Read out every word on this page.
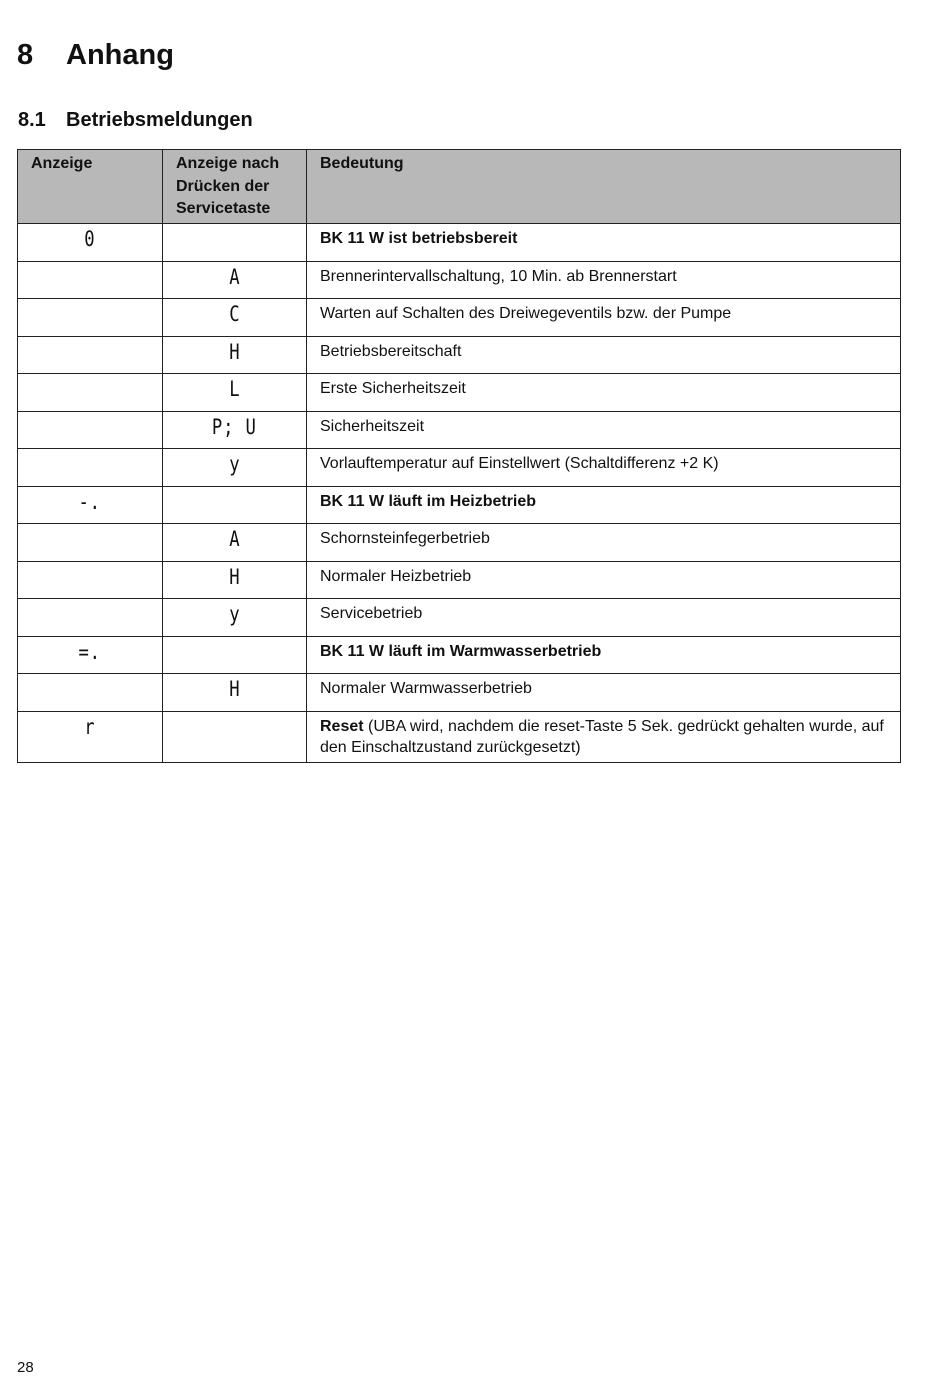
8 Anhang
8.1 Betriebsmeldungen
Anzeige	Anzeige nach Drücken der Servicetaste	Bedeutung
0		BK 11 W ist betriebsbereit
	A	Brennerintervallschaltung, 10 Min. ab Brennerstart
	C	Warten auf Schalten des Dreiwegeventils bzw. der Pumpe
	H	Betriebsbereitschaft
	L	Erste Sicherheitszeit
	P; U	Sicherheitszeit
	y	Vorlauftemperatur auf Einstellwert (Schaltdifferenz +2 K)
-.		BK 11 W läuft im Heizbetrieb
	A	Schornsteinfegerbetrieb
	H	Normaler Heizbetrieb
	y	Servicebetrieb
=.		BK 11 W läuft im Warmwasserbetrieb
	H	Normaler Warmwasserbetrieb
r		Reset (UBA wird, nachdem die reset-Taste 5 Sek. gedrückt gehalten wurde, auf den Einschaltzustand zurückgesetzt)

28
